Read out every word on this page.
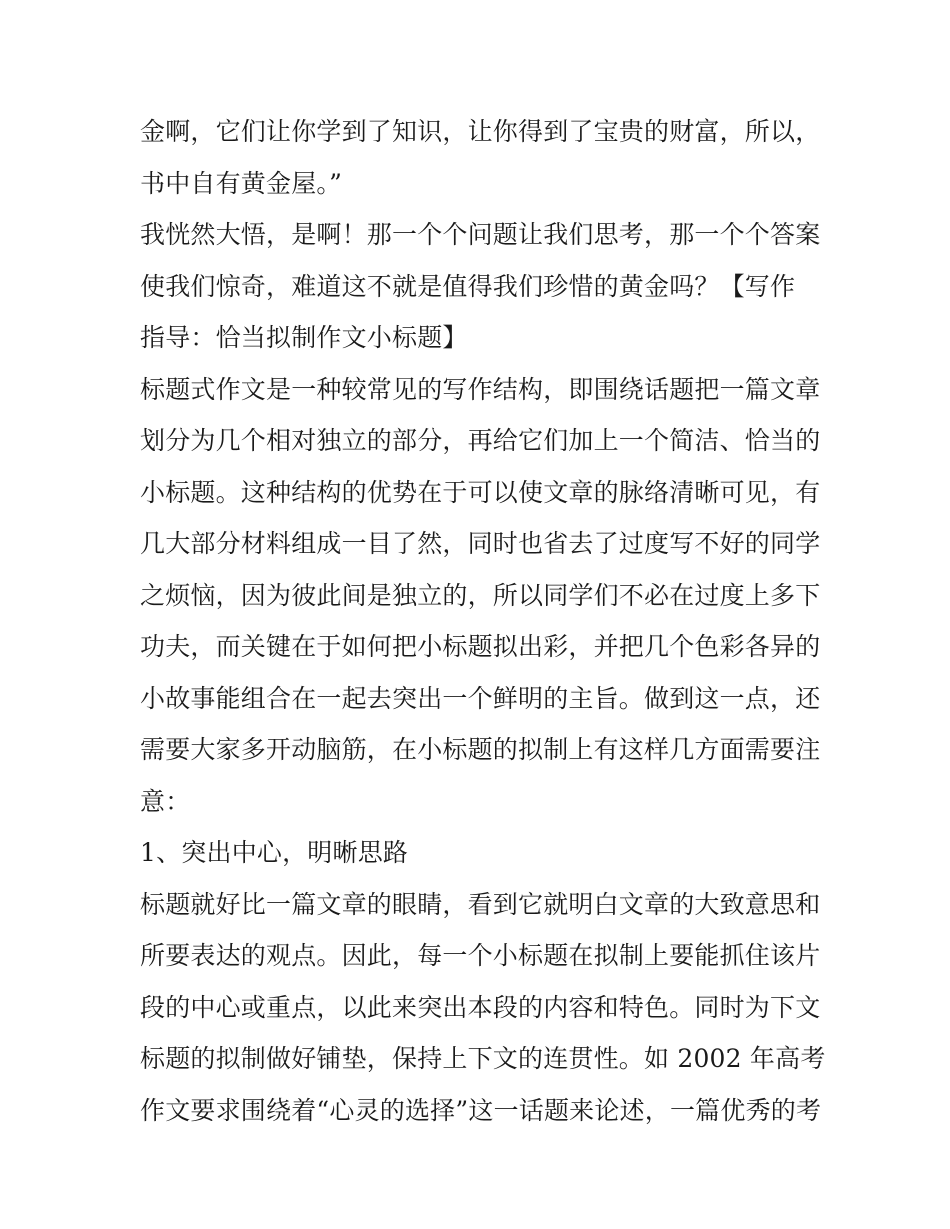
金啊，它们让你学到了知识，让你得到了宝贵的财富，所以，
书中自有黄金屋。”
我恍然大悟，是啊！那一个个问题让我们思考，那一个个答案
使我们惊奇，难道这不就是值得我们珍惜的黄金吗？【写作
指导：恰当拟制作文小标题】
标题式作文是一种较常见的写作结构，即围绕话题把一篇文章
划分为几个相对独立的部分，再给它们加上一个简洁、恰当的
小标题。这种结构的优势在于可以使文章的脉络清晰可见，有
几大部分材料组成一目了然，同时也省去了过度写不好的同学
之烦恼，因为彼此间是独立的，所以同学们不必在过度上多下
功夫，而关键在于如何把小标题拟出彩，并把几个色彩各异的
小故事能组合在一起去突出一个鲜明的主旨。做到这一点，还
需要大家多开动脑筋，在小标题的拟制上有这样几方面需要注
意：
1、突出中心，明晰思路
标题就好比一篇文章的眼睛，看到它就明白文章的大致意思和
所要表达的观点。因此，每一个小标题在拟制上要能抓住该片
段的中心或重点，以此来突出本段的内容和特色。同时为下文
标题的拟制做好铺垫，保持上下文的连贯性。如 2002 年高考
作文要求围绕着“心灵的选择”这一话题来论述，一篇优秀的考
